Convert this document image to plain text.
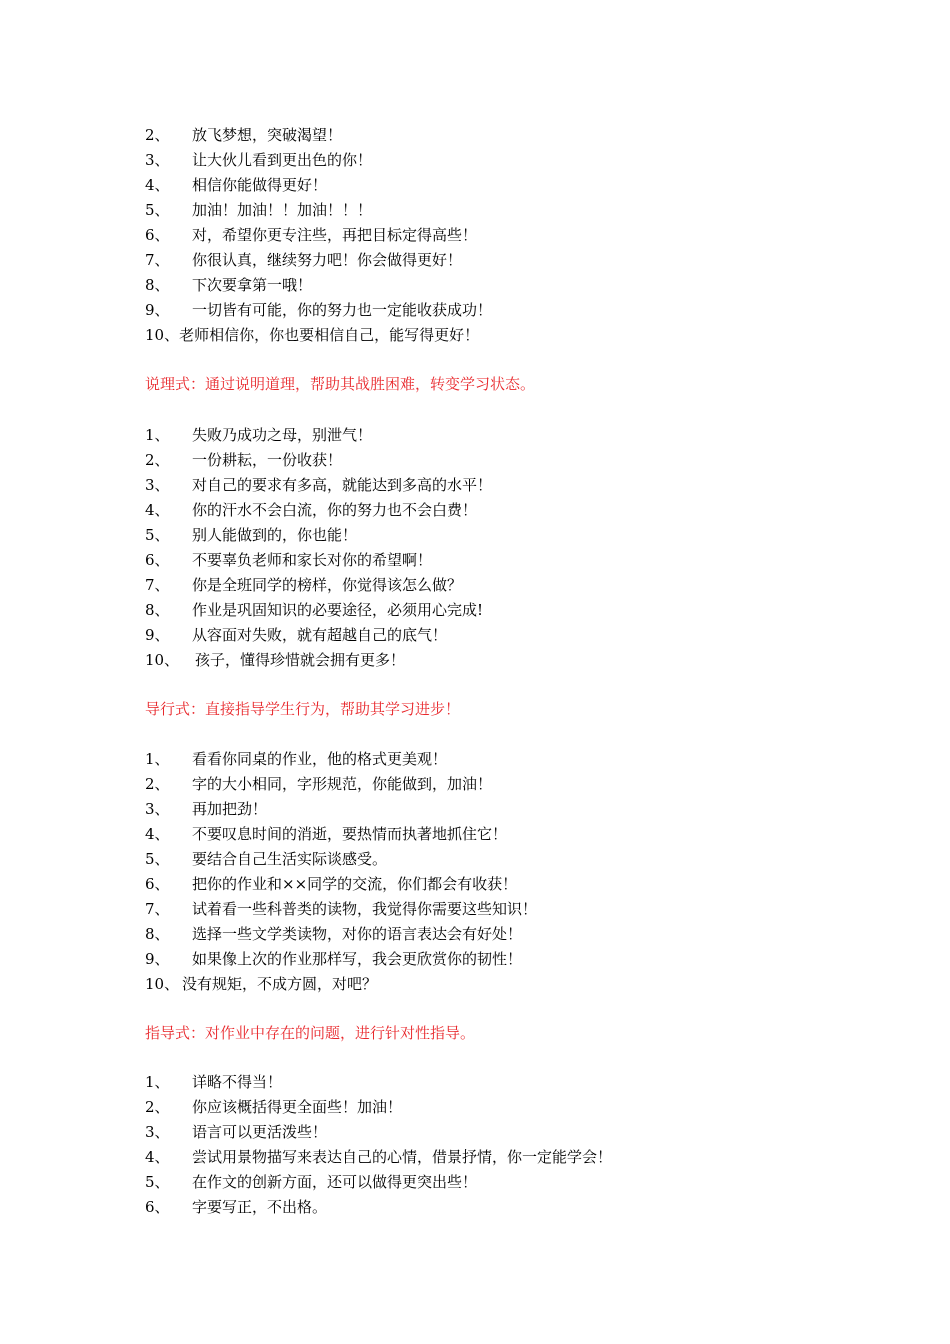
2、 放飞梦想，突破渴望！
3、 让大伙儿看到更出色的你！
4、 相信你能做得更好！
5、 加油！加油！！加油！！！
6、 对，希望你更专注些，再把目标定得高些！
7、 你很认真，继续努力吧！你会做得更好！
8、 下次要拿第一哦！
9、 一切皆有可能，你的努力也一定能收获成功！
10、老师相信你，你也要相信自己，能写得更好！
说理式：通过说明道理，帮助其战胜困难，转变学习状态。
1、 失败乃成功之母，别泄气！
2、 一份耕耘，一份收获！
3、 对自己的要求有多高，就能达到多高的水平！
4、 你的汗水不会白流，你的努力也不会白费！
5、 别人能做到的，你也能！
6、 不要辜负老师和家长对你的希望啊！
7、 你是全班同学的榜样，你觉得该怎么做？
8、 作业是巩固知识的必要途径，必须用心完成!
9、 从容面对失败，就有超越自己的底气！
10、 孩子，懂得珍惜就会拥有更多！
导行式：直接指导学生行为，帮助其学习进步！
1、 看看你同桌的作业，他的格式更美观！
2、 字的大小相同，字形规范，你能做到，加油！
3、 再加把劲！
4、 不要叹息时间的消逝，要热情而执著地抓住它！
5、 要结合自己生活实际谈感受。
6、 把你的作业和××同学的交流，你们都会有收获！
7、 试着看一些科普类的读物，我觉得你需要这些知识！
8、 选择一些文学类读物，对你的语言表达会有好处！
9、 如果像上次的作业那样写，我会更欣赏你的韧性！
10、 没有规矩，不成方圆，对吧？
指导式：对作业中存在的问题，进行针对性指导。
1、 详略不得当！
2、 你应该概括得更全面些！加油！
3、 语言可以更活泼些！
4、 尝试用景物描写来表达自己的心情，借景抒情，你一定能学会！
5、 在作文的创新方面，还可以做得更突出些！
6、 字要写正，不出格。
